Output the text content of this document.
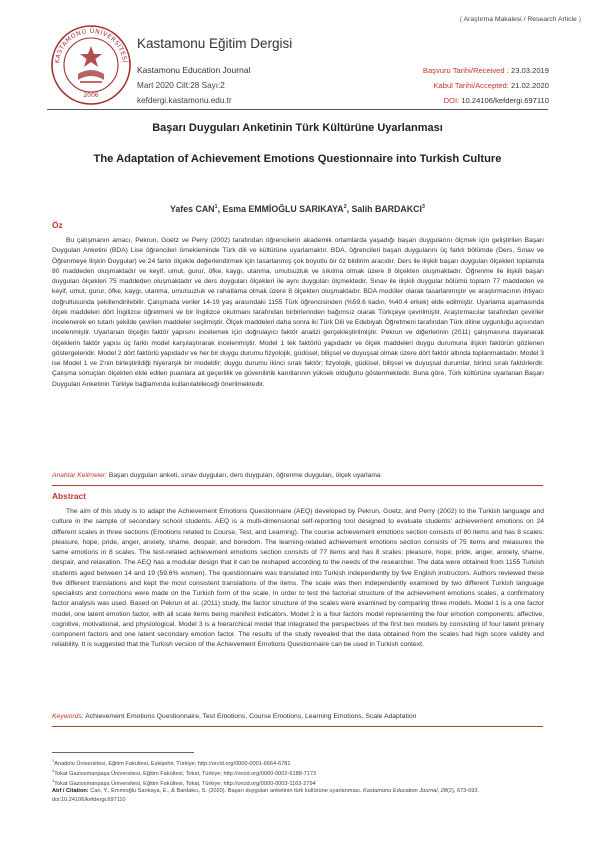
( Araştırma Makalesi / Research Article )
KASTAMONU ÜNİVERSİTESİ
2006
Kastamonu Eğitim Dergisi
Kastamonu Education Journal
Mart 2020 Cilt:28 Sayı:2
kefdergi.kastamonu.edu.tr
Başvuru Tarihi/Received : 23.03.2019
Kabul Tarihi/Accepted: 21.02.2020
DOI: 10.24106/kefdergi.697110
Başarı Duyguları Anketinin Türk Kültürüne Uyarlanması
The Adaptation of Achievement Emotions Questionnaire into Turkish Culture
Yafes CAN$^1$, Esma EMMİOĞLU SARIKAYA$^2$, Salih BARDAKCI$^3$
Öz
Bu çalışmanın amacı, Pekrun, Goetz ve Perry (2002) tarafından öğrencilerin akademik ortamlarda yaşadığı başarı duygularını ölçmek için geliştirilen Başarı Duyguları Anketini (BDA) Lise öğrencileri örnekleminde Türk dili ve kültürüne uyarlamaktır. BDA, öğrencileri başarı duygularını üç farklı bölümde (Ders, Sınav ve Öğrenmeye İlişkin Duygular) ve 24 farklı ölçekle değerlendirmek için tasarlanmış çok boyutlu bir öz bildirim aracıdır. Ders ile ilişkili başarı duyguları ölçekleri toplamda 80 maddeden oluşmaktadır ve keyif, umut, gurur, öfke, kaygı, utanma, umutsuzluk ve sıkılma olmak üzere 8 ölçekten oluşmaktadır. Öğrenme ile ilişkili başarı duyguları ölçekleri 75 maddeden oluşmaktadır ve ders duyguları ölçekleri ile aynı duyguları ölçmektedir. Sınav ile ilişkili duygular bölümü toplam 77 maddeden ve keyif, umut, gurur, öfke, kaygı, utanma, umutsuzluk ve rahatlama olmak üzere 8 ölçekten oluşmaktadır. BDA modüler olarak tasarlanmıştır ve araştırmacının ihtiyacı doğrultusunda şekillendirilebilir. Çalışmada veriler 14-19 yaş arasındaki 1155 Türk öğrencisinden (%59.6 kadın, %40.4 erkek) elde edilmiştir. Uyarlama aşamasında ölçek maddeleri dört İngilizce öğretmeni ve bir İngilizce okutmanı tarafından birbirlerinden bağımsız olarak Türkçeye çevrilmiştir. Araştırmacılar tarafından çeviriler incelenerek en tutarlı şekilde çevrilen maddeler seçilmiştir. Ölçek maddeleri daha sonra iki Türk Dili ve Edebiyatı Öğretmeni tarafından Türk diline uygunluğu açısından incelenmiştir. Uyarlanan ölçeğin faktör yapısını incelemek için doğrulayıcı faktör analizi gerçekleştirilmiştir. Pekrun ve diğerlerinin (2011) çalışmasına dayanarak ölçeklerin faktör yapısı üç farklı model karşılaştırarak incelenmiştir. Model 1 tek faktörlü yapıdadır ve ölçek maddeleri duygu durumuna ilişkin faktörün gözlenen göstergeleridir. Model 2 dört faktörlü yapıdadır ve her bir duygu durumu fizyolojik, güdüsel, bilişsel ve duyuşsal olmak üzere dört faktör altında toplanmaktadır. Model 3 ise Model 1 ve 2'nin birleştirildiği hiyerarşik bir modeldir; duygu durumu ikinci sıralı faktör; fizyolojik, güdüsel, bilişsel ve duyuşsal durumlar, birinci sıralı faktörlerdir. Çalışma sonuçları ölçekten elde edilen puanlara ait geçerlilik ve güvenilirlik kanıtlarının yüksek olduğunu göstermektedir. Buna göre, Türk kültürüne uyarlanan Başarı Duyguları Anketinin Türkiye bağlamında kullanılabileceği önerilmektedir.
Anahtar Kelimeler: Başarı duyguları anketi, sınav duyguları, ders duyguları, öğrenme duyguları, ölçek uyarlama
Abstract
The aim of this study is to adapt the Achievement Emotions Questionnaire (AEQ) developed by Pekrun, Goetz, and Perry (2002) to the Turkish language and culture in the sample of secondary school students. AEQ is a multi-dimensional self-reporting tool designed to evaluate students' achievement emotions on 24 different scales in three sections (Emotions related to Course, Test, and Learning). The course achievement emotions section consists of 80 items and has 8 scales: pleasure, hope, pride, anger, anxiety, shame, despair, and boredom. The learning-related achievement emotions section consists of 75 items and measures the same emotions in 8 scales. The test-related achievement emotions section consists of 77 items and has 8 scales: pleasure, hope, pride, anger, anxiety, shame, despair, and relaxation. The AEQ has a modular design that it can be reshaped according to the needs of the researcher. The data were obtained from 1155 Turkish students aged between 14 and 19 (59.6% women). The questionnaire was translated into Turkish independently by five English instructors. Authors reviewed these five different translations and kept the most consistent translations of the items. The scale was then independently examined by two different Turkish language specialists and corrections were made on the Turkish form of the scale. In order to test the factorial structure of the achievement emotions scales, a confirmatory factor analysis was used. Based on Pekrun et al. (2011) study, the factor structure of the scales were examined by comparing three models. Model 1 is a one factor model, one latent emotion factor, with all scale items being manifest indicators. Model 2 is a four factors model representing the four emotion components: affective, cognitive, motivational, and physiological. Model 3 is a hierarchical model that integrated the perspectives of the first two models by consisting of four latent primary component factors and one latent secondary emotion factor. The results of the study revealed that the data obtained from the scales had high score validity and reliability. It is suggested that the Turkish version of the Achievement Emotions Questionnaire can be used in Turkish context.
Keywords: Achievement Emotions Questionnaire, Test Emotions, Course Emotions, Learning Emotions, Scale Adaptation
$^1$Anadolu Üniversitesi, Eğitim Fakültesi, Eskişehir, Türkiye; http://orcid.org/0000-0001-6664-6781
$^2$Tokat Gaziosmanpaşa Üniversitesi, Eğitim Fakültesi, Tokat, Türkiye; http://orcid.org/0000-0002-6188-7173
$^3$Tokat Gaziosmanpaşa Üniversitesi, Eğitim Fakültesi, Tokat, Türkiye; http://orcid.org/0000-0003-1163-2794
Atıf / Citation: Can, Y., Emmioğlu Sarıkaya, E., & Bardakcı, S. (2020). Başarı duyguları anketinin türk kültürüne uyarlanması. Kastamonu Education Journal, 28(2), 673-693. doi:10.24106/kefdergi.697110
